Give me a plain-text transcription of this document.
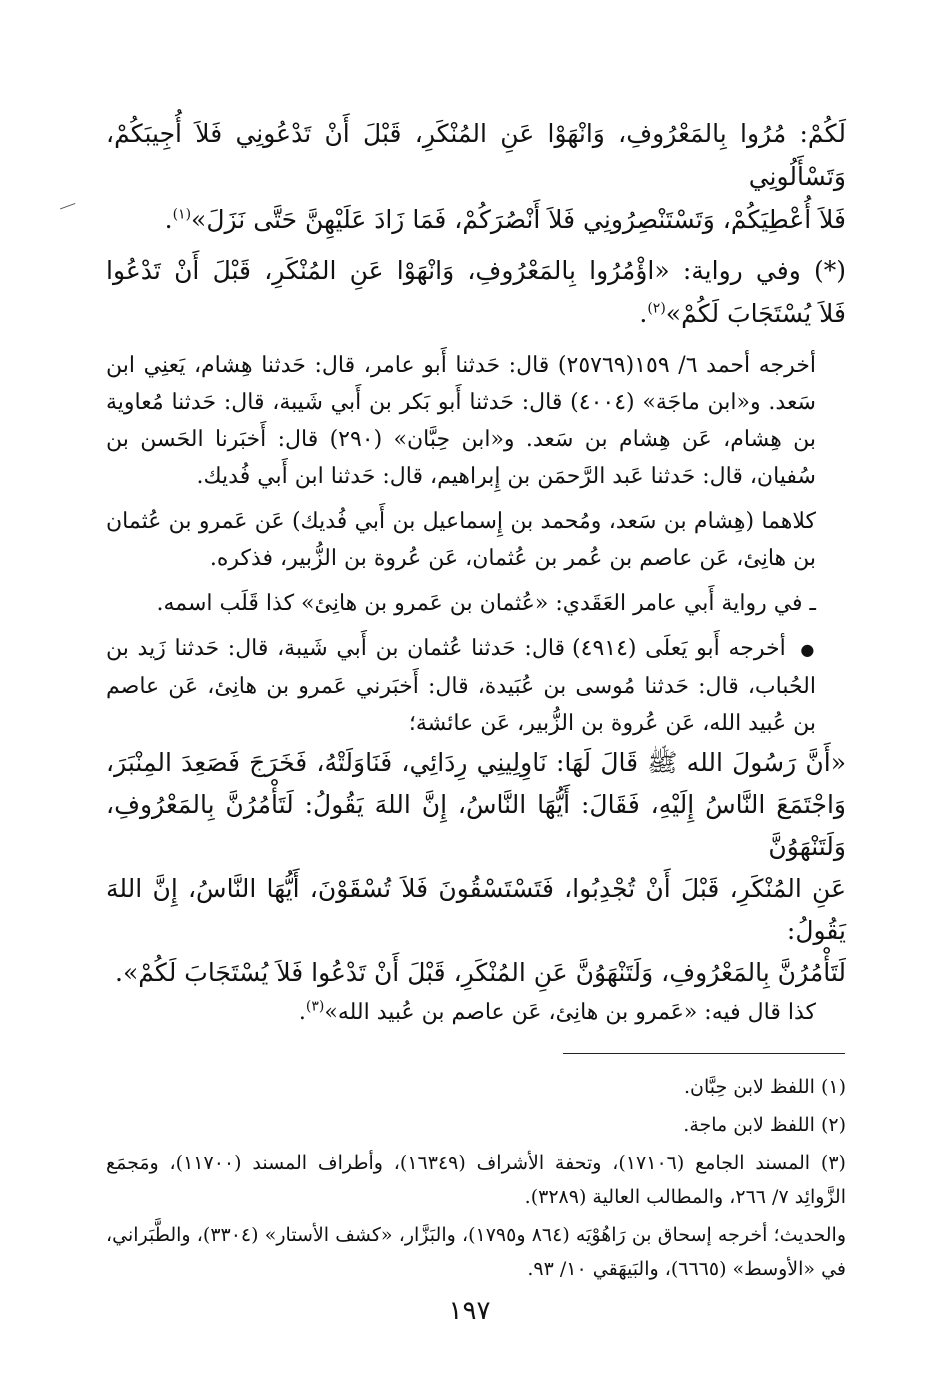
لَكُمْ: مُرُوا بِالمَعْرُوفِ، وَانْهَوْا عَنِ المُنْكَرِ، قَبْلَ أَنْ تَدْعُونِي فَلاَ أُجِيبَكُمْ، وَتَسْأَلُونِي
فَلاَ أُعْطِيَكُمْ، وَتَسْتَنْصِرُونِي فَلاَ أَنْصُرَكُمْ، فَمَا زَادَ عَلَيْهِنَّ حَتَّى نَزَلَ»$^{(١)}$.
(*) وفي رواية: «اؤْمُرُوا بِالمَعْرُوفِ، وَانْهَوْا عَنِ المُنْكَرِ، قَبْلَ أَنْ تَدْعُوا
فَلاَ يُسْتَجَابَ لَكُمْ»$^{(٢)}$.

أخرجه أحمد ٦/ ١٥٩(٢٥٧٦٩) قال: حَدثنا أَبو عامر، قال: حَدثنا هِشام، يَعنِي ابن سَعد. و«ابن ماجَة» (٤٠٠٤) قال: حَدثنا أَبو بَكر بن أَبي شَيبة، قال: حَدثنا مُعاوية بن هِشام، عَن هِشام بن سَعد. و«ابن حِبَّان» (٢٩٠) قال: أَخبَرنا الحَسن بن سُفيان، قال: حَدثنا عَبد الرَّحمَن بن إِبراهيم، قال: حَدثنا ابن أَبي فُديك.

كلاهما (هِشام بن سَعد، ومُحمد بن إِسماعيل بن أَبي فُديك) عَن عَمرو بن عُثمان بن هانِئ، عَن عاصم بن عُمر بن عُثمان، عَن عُروة بن الزُّبير، فذكره.

ـ في رواية أَبي عامر العَقَدي: «عُثمان بن عَمرو بن هانِئ» كذا قَلَب اسمه.

● أخرجه أَبو يَعلَى (٤٩١٤) قال: حَدثنا عُثمان بن أَبي شَيبة، قال: حَدثنا زَيد بن الحُباب، قال: حَدثنا مُوسى بن عُبَيدة، قال: أَخبَرني عَمرو بن هانِئ، عَن عاصم بن عُبيد الله، عَن عُروة بن الزُّبير، عَن عائشة؛

«أَنَّ رَسُولَ الله ﷺ قَالَ لَهَا: نَاوِلِينِي رِدَائِي، فَنَاوَلَتْهُ، فَخَرَجَ فَصَعِدَ المِنْبَرَ،
وَاجْتَمَعَ النَّاسُ إِلَيْهِ، فَقَالَ: أَيُّهَا النَّاسُ، إِنَّ اللهَ يَقُولُ: لَتَأْمُرُنَّ بِالمَعْرُوفِ، وَلَتَنْهَوُنَّ
عَنِ المُنْكَرِ، قَبْلَ أَنْ تُجْدِبُوا، فَتَسْتَسْقُونَ فَلاَ تُسْقَوْنَ، أَيُّهَا النَّاسُ، إِنَّ اللهَ يَقُولُ:
لَتَأْمُرُنَّ بِالمَعْرُوفِ، وَلَتَنْهَوُنَّ عَنِ المُنْكَرِ، قَبْلَ أَنْ تَدْعُوا فَلاَ يُسْتَجَابَ لَكُمْ».

كذا قال فيه: «عَمرو بن هانِئ، عَن عاصم بن عُبيد الله»$^{(٣)}$.

(١) اللفظ لابن حِبَّان.

(٢) اللفظ لابن ماجة.

(٣) المسند الجامع (١٧١٠٦)، وتحفة الأشراف (١٦٣٤٩)، وأطراف المسند (١١٧٠٠)، ومَجمَع الزَّوائِد ٧/ ٢٦٦، والمطالب العالية (٣٢٨٩).

والحديث؛ أخرجه إسحاق بن رَاهُوْيَه (٨٦٤ و١٧٩٥)، والبَزَّار، «كشف الأستار» (٣٣٠٤)، والطَّبَراني، في «الأوسط» (٦٦٦٥)، والبَيهَقي ١٠/ ٩٣.

١٩٧
